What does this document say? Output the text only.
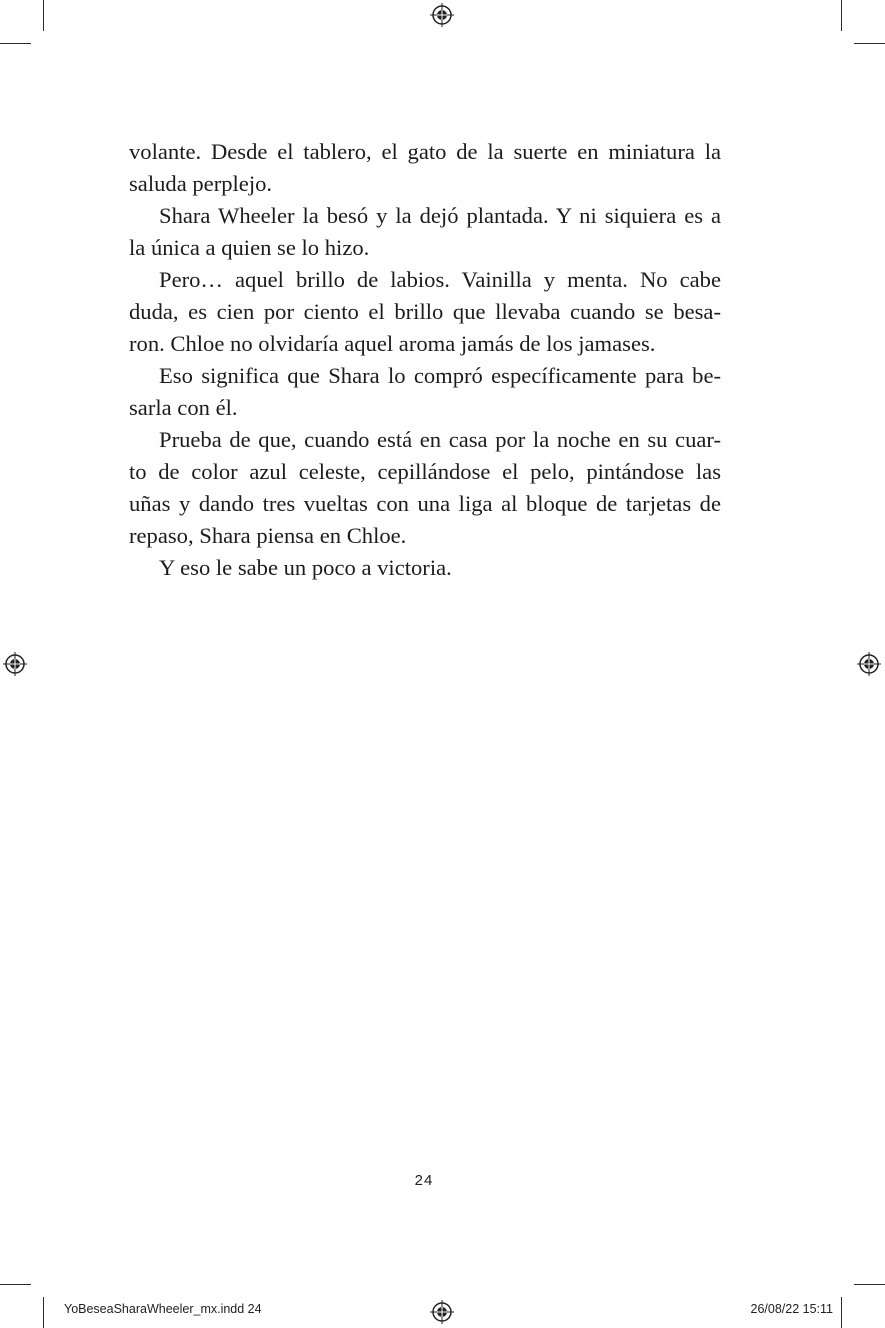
volante. Desde el tablero, el gato de la suerte en miniatura la
saluda perplejo.
Shara Wheeler la besó y la dejó plantada. Y ni siquiera es a
la única a quien se lo hizo.
Pero… aquel brillo de labios. Vainilla y menta. No cabe
duda, es cien por ciento el brillo que llevaba cuando se besa-
ron. Chloe no olvidaría aquel aroma jamás de los jamases.
Eso significa que Shara lo compró específicamente para be-
sarla con él.
Prueba de que, cuando está en casa por la noche en su cuar-
to de color azul celeste, cepillándose el pelo, pintándose las
uñas y dando tres vueltas con una liga al bloque de tarjetas de
repaso, Shara piensa en Chloe.
Y eso le sabe un poco a victoria.
24
YoBeseaSharaWheeler_mx.indd 24	26/08/22 15:11
